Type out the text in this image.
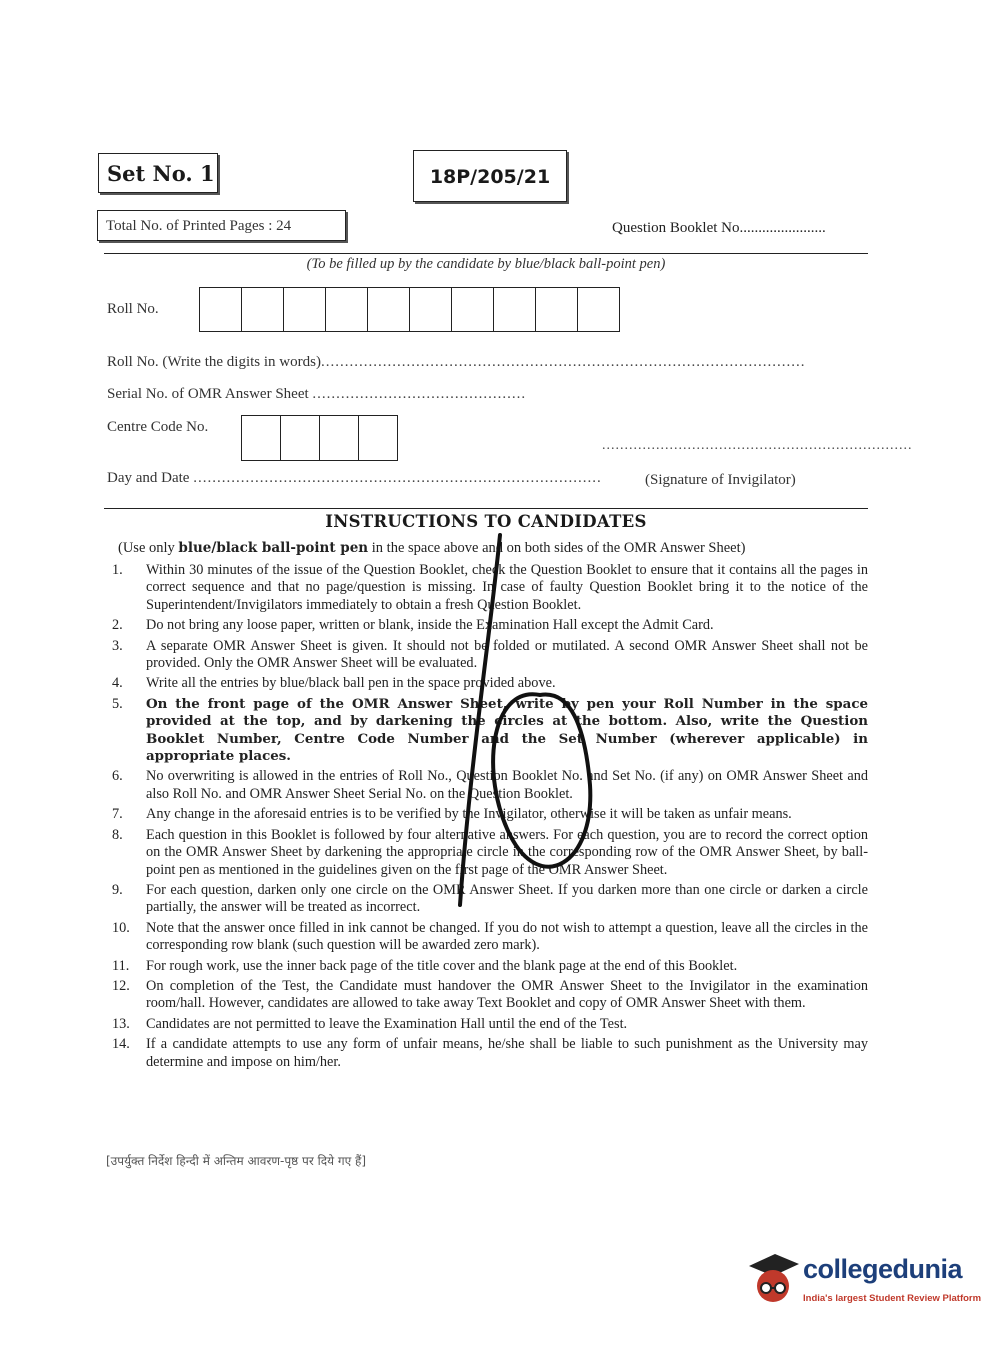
Set No. 1	18P/205/21
Total No. of Printed Pages : 24	Question Booklet No.......................
(To be filled up by the candidate by blue/black ball-point pen)
Roll No.
Roll No. (Write the digits in words)......................................................................................................
Serial No. of OMR Answer Sheet .............................................
Centre Code No.
.....................................................................
Day and Date ......................................................................................	(Signature of Invigilator)
INSTRUCTIONS TO CANDIDATES
(Use only blue/black ball-point pen in the space above and on both sides of the OMR Answer Sheet)
1.	Within 30 minutes of the issue of the Question Booklet, check the Question Booklet to ensure that it contains all the pages in correct sequence and that no page/question is missing. In case of faulty Question Booklet bring it to the notice of the Superintendent/Invigilators immediately to obtain a fresh Question Booklet.
2.	Do not bring any loose paper, written or blank, inside the Examination Hall except the Admit Card.
3.	A separate OMR Answer Sheet is given. It should not be folded or mutilated. A second OMR Answer Sheet shall not be provided. Only the OMR Answer Sheet will be evaluated.
4.	Write all the entries by blue/black ball pen in the space provided above.
5.	On the front page of the OMR Answer Sheet, write by pen your Roll Number in the space provided at the top, and by darkening the circles at the bottom. Also, write the Question Booklet Number, Centre Code Number and the Set Number (wherever applicable) in appropriate places.
6.	No overwriting is allowed in the entries of Roll No., Question Booklet No. and Set No. (if any) on OMR Answer Sheet and also Roll No. and OMR Answer Sheet Serial No. on the Question Booklet.
7.	Any change in the aforesaid entries is to be verified by the Invigilator, otherwise it will be taken as unfair means.
8.	Each question in this Booklet is followed by four alternative answers. For each question, you are to record the correct option on the OMR Answer Sheet by darkening the appropriate circle in the corresponding row of the OMR Answer Sheet, by ball-point pen as mentioned in the guidelines given on the first page of the OMR Answer Sheet.
9.	For each question, darken only one circle on the OMR Answer Sheet. If you darken more than one circle or darken a circle partially, the answer will be treated as incorrect.
10.	Note that the answer once filled in ink cannot be changed. If you do not wish to attempt a question, leave all the circles in the corresponding row blank (such question will be awarded zero mark).
11.	For rough work, use the inner back page of the title cover and the blank page at the end of this Booklet.
12.	On completion of the Test, the Candidate must handover the OMR Answer Sheet to the Invigilator in the examination room/hall. However, candidates are allowed to take away Text Booklet and copy of OMR Answer Sheet with them.
13.	Candidates are not permitted to leave the Examination Hall until the end of the Test.
14.	If a candidate attempts to use any form of unfair means, he/she shall be liable to such punishment as the University may determine and impose on him/her.
[उपर्युक्त निर्देश हिन्दी में अन्तिम आवरण-पृष्ठ पर दिये गए हैं]
collegedunia
India's largest Student Review Platform
